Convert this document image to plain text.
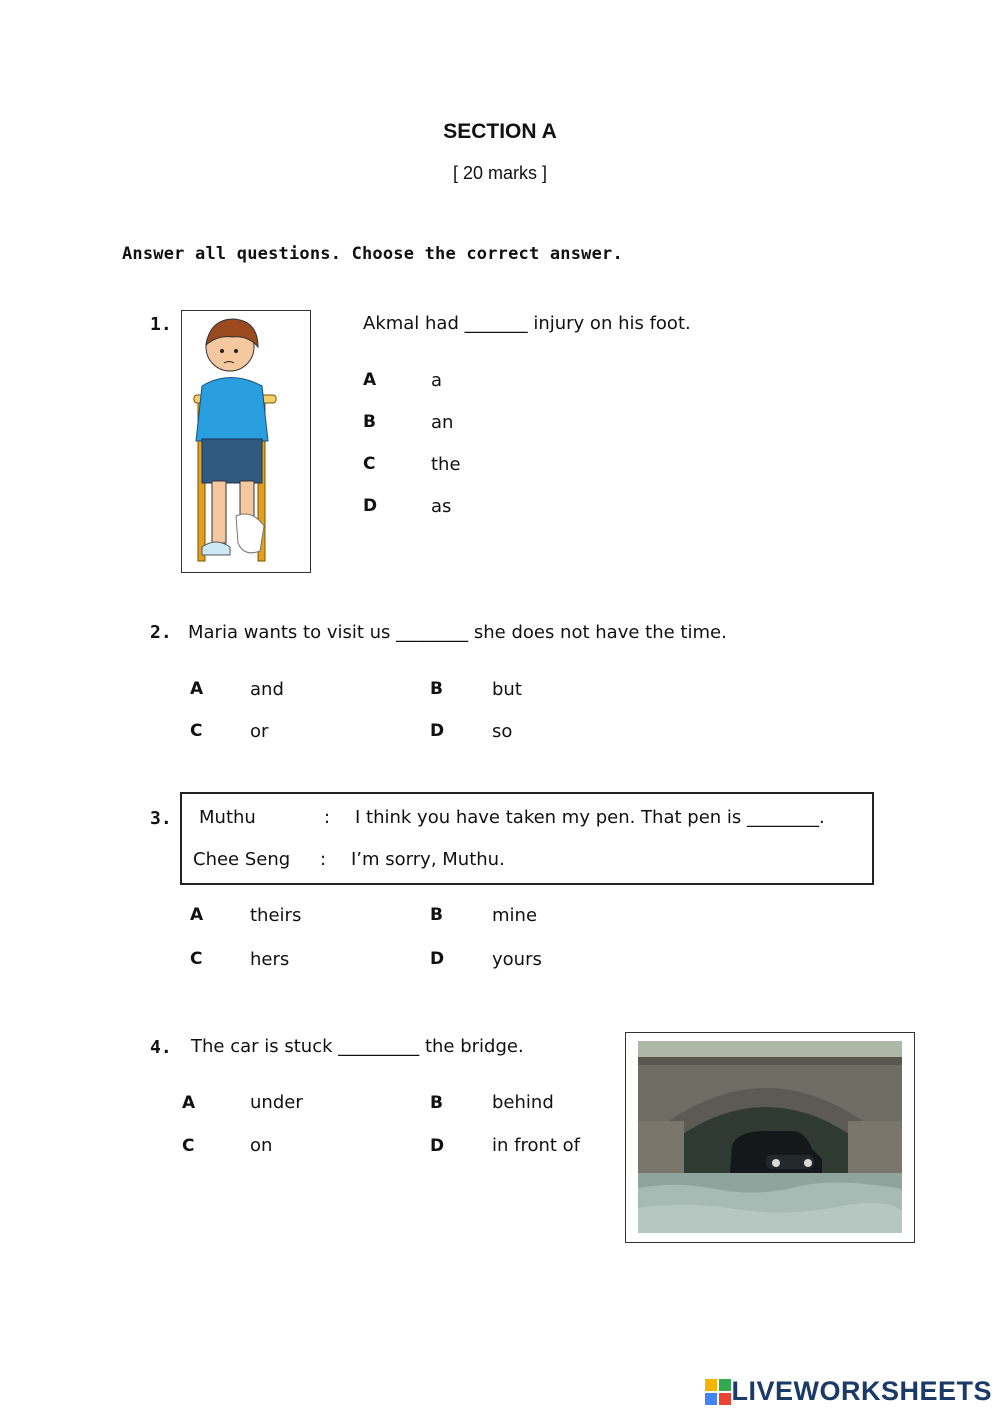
SECTION A
[ 20 marks ]
Answer all questions. Choose the correct answer.
1.	Akmal had _______ injury on his foot.
A	a
B	an
C	the
D	as
2. Maria wants to visit us ________ she does not have the time.
A	and	B	but
C	or	D	so
3. Muthu	: I think you have taken my pen. That pen is ________.
Chee Seng : I’m sorry, Muthu.
A	theirs	B	mine
C	hers	D	yours
4. The car is stuck _________ the bridge.
A	under	B	behind
C	on	D	in front of
LIVEWORKSHEETS
